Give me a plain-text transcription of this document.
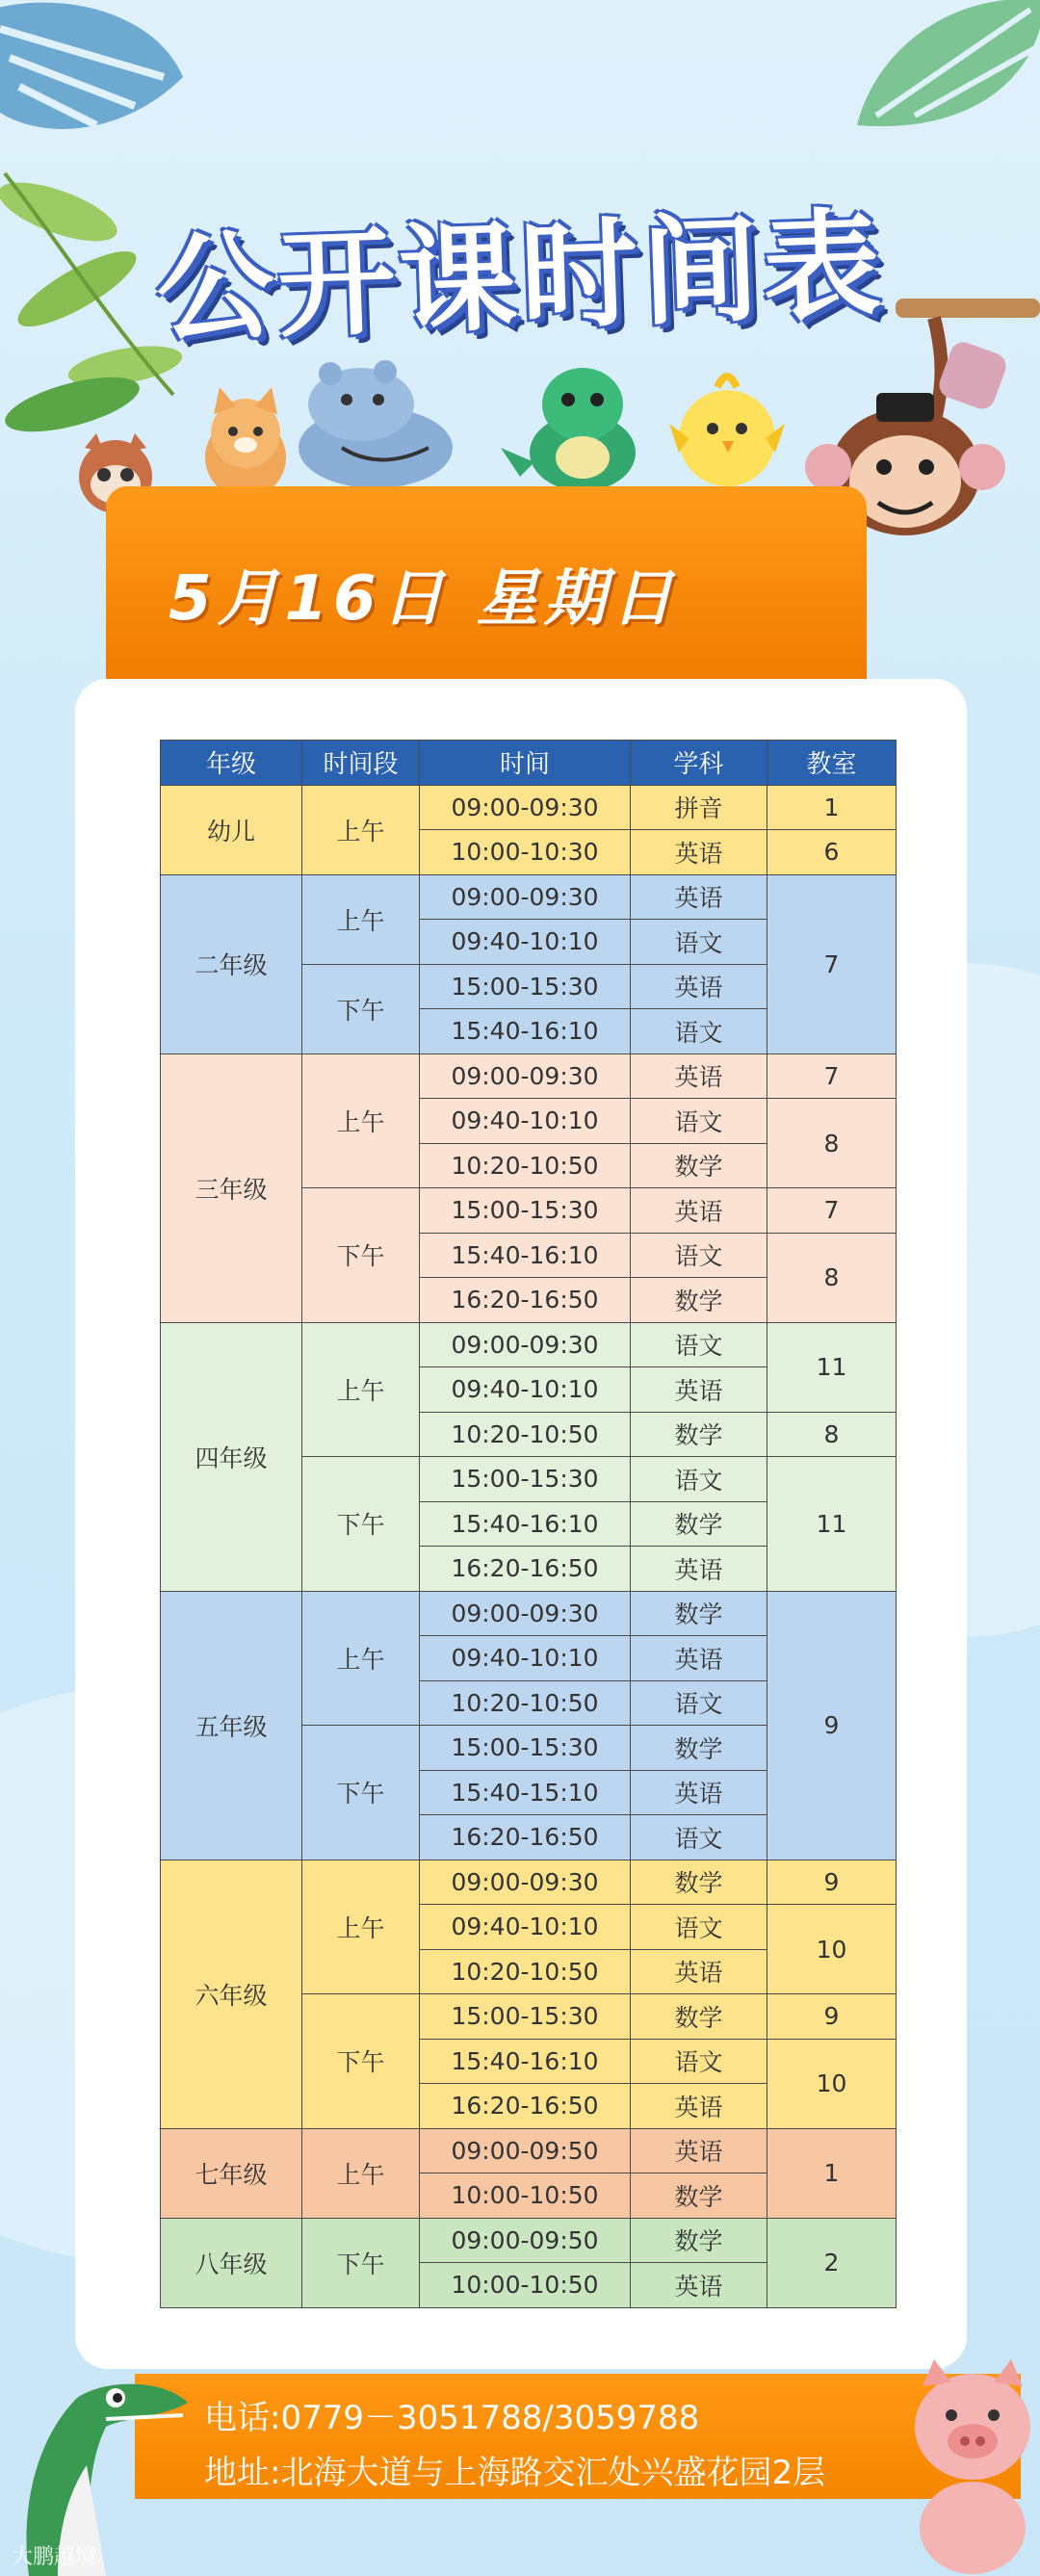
公开课时间表
5月16日 星期日
年级	时间段	时间	学科	教室
幼儿	上午	09:00-09:30	拼音	1
		10:00-10:30	英语	6
二年级	上午	09:00-09:30	英语	7
		09:40-10:10	语文	
	下午	15:00-15:30	英语	
		15:40-16:10	语文	
三年级	上午	09:00-09:30	英语	7
		09:40-10:10	语文	8
		10:20-10:50	数学	
	下午	15:00-15:30	英语	7
		15:40-16:10	语文	8
		16:20-16:50	数学	
四年级	上午	09:00-09:30	语文	11
		09:40-10:10	英语	
		10:20-10:50	数学	8
	下午	15:00-15:30	语文	11
		15:40-16:10	数学	
		16:20-16:50	英语	
五年级	上午	09:00-09:30	数学	9
		09:40-10:10	英语	
		10:20-10:50	语文	
	下午	15:00-15:30	数学	
		15:40-15:10	英语	
		16:20-16:50	语文	
六年级	上午	09:00-09:30	数学	9
		09:40-10:10	语文	10
		10:20-10:50	英语	
	下午	15:00-15:30	数学	9
		15:40-16:10	语文	10
		16:20-16:50	英语	
七年级	上午	09:00-09:50	英语	1
		10:00-10:50	数学	
八年级	下午	09:00-09:50	数学	2
		10:00-10:50	英语	
电话:0779－3051788/3059788
地址:北海大道与上海路交汇处兴盛花园2层
大鹏越境
